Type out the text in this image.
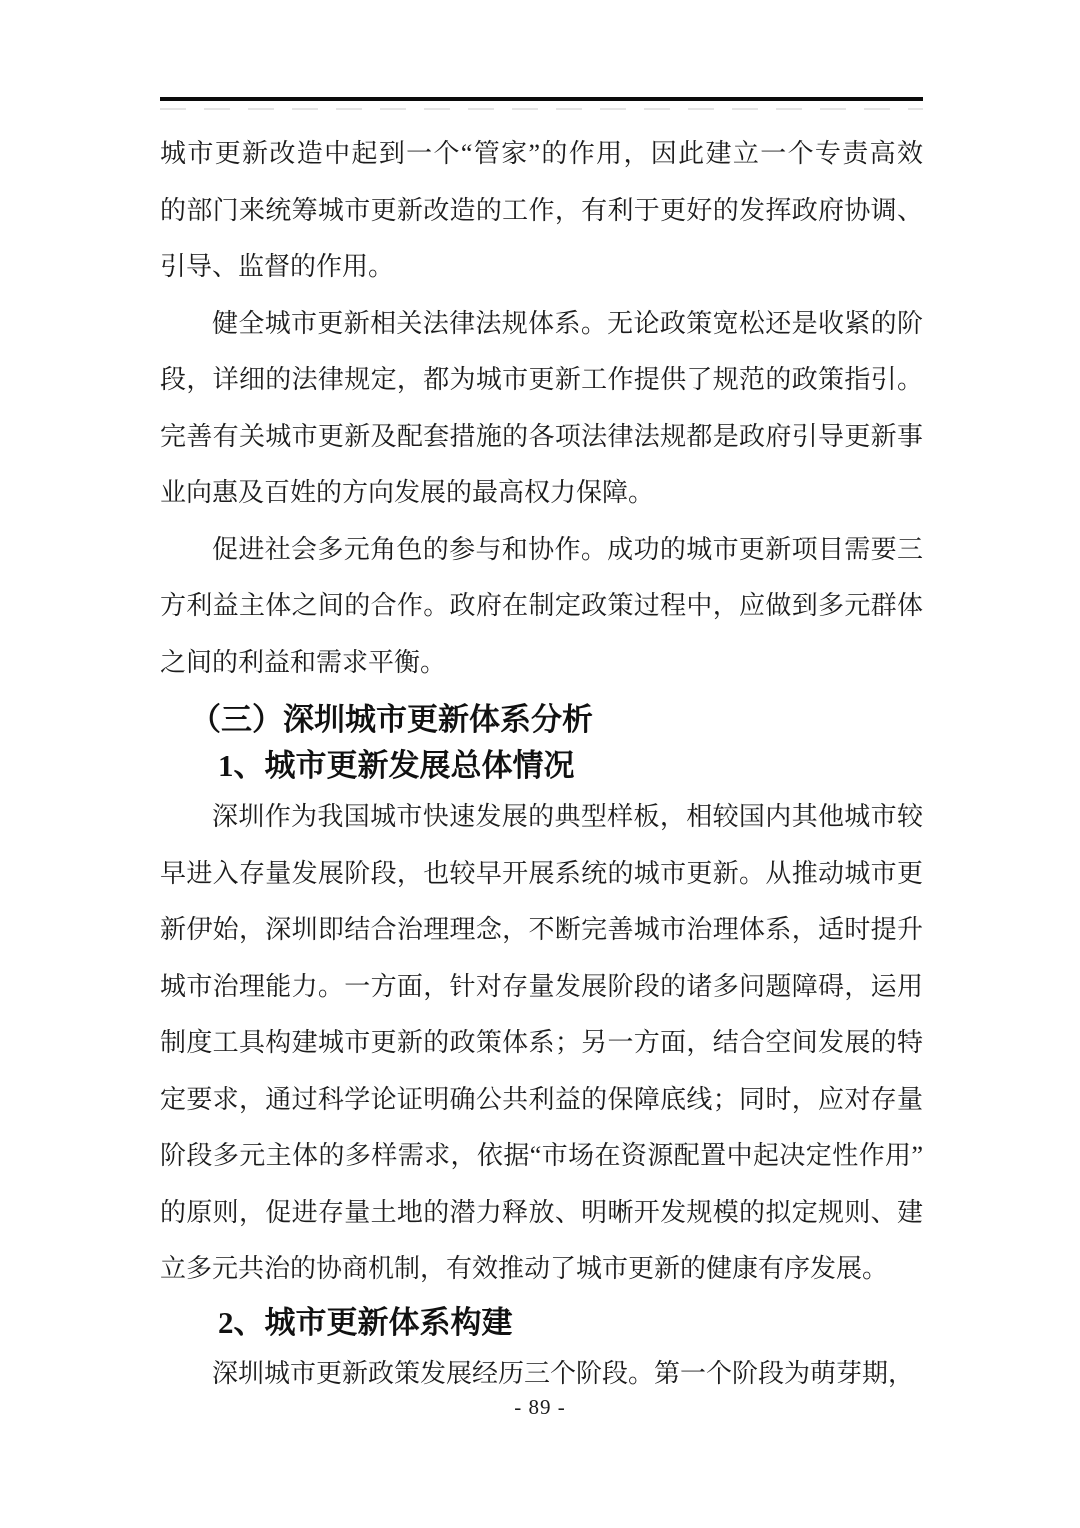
城市更新改造中起到一个“管家”的作用，因此建立一个专责高效
的部门来统筹城市更新改造的工作，有利于更好的发挥政府协调、
引导、监督的作用。
健全城市更新相关法律法规体系。无论政策宽松还是收紧的阶
段，详细的法律规定，都为城市更新工作提供了规范的政策指引。
完善有关城市更新及配套措施的各项法律法规都是政府引导更新事
业向惠及百姓的方向发展的最高权力保障。
促进社会多元角色的参与和协作。成功的城市更新项目需要三
方利益主体之间的合作。政府在制定政策过程中，应做到多元群体
之间的利益和需求平衡。
（三）深圳城市更新体系分析
1、城市更新发展总体情况
深圳作为我国城市快速发展的典型样板，相较国内其他城市较
早进入存量发展阶段，也较早开展系统的城市更新。从推动城市更
新伊始，深圳即结合治理理念，不断完善城市治理体系，适时提升
城市治理能力。一方面，针对存量发展阶段的诸多问题障碍，运用
制度工具构建城市更新的政策体系；另一方面，结合空间发展的特
定要求，通过科学论证明确公共利益的保障底线；同时，应对存量
阶段多元主体的多样需求，依据“市场在资源配置中起决定性作用”
的原则，促进存量土地的潜力释放、明晰开发规模的拟定规则、建
立多元共治的协商机制，有效推动了城市更新的健康有序发展。
2、城市更新体系构建
深圳城市更新政策发展经历三个阶段。第一个阶段为萌芽期，
- 89 -
